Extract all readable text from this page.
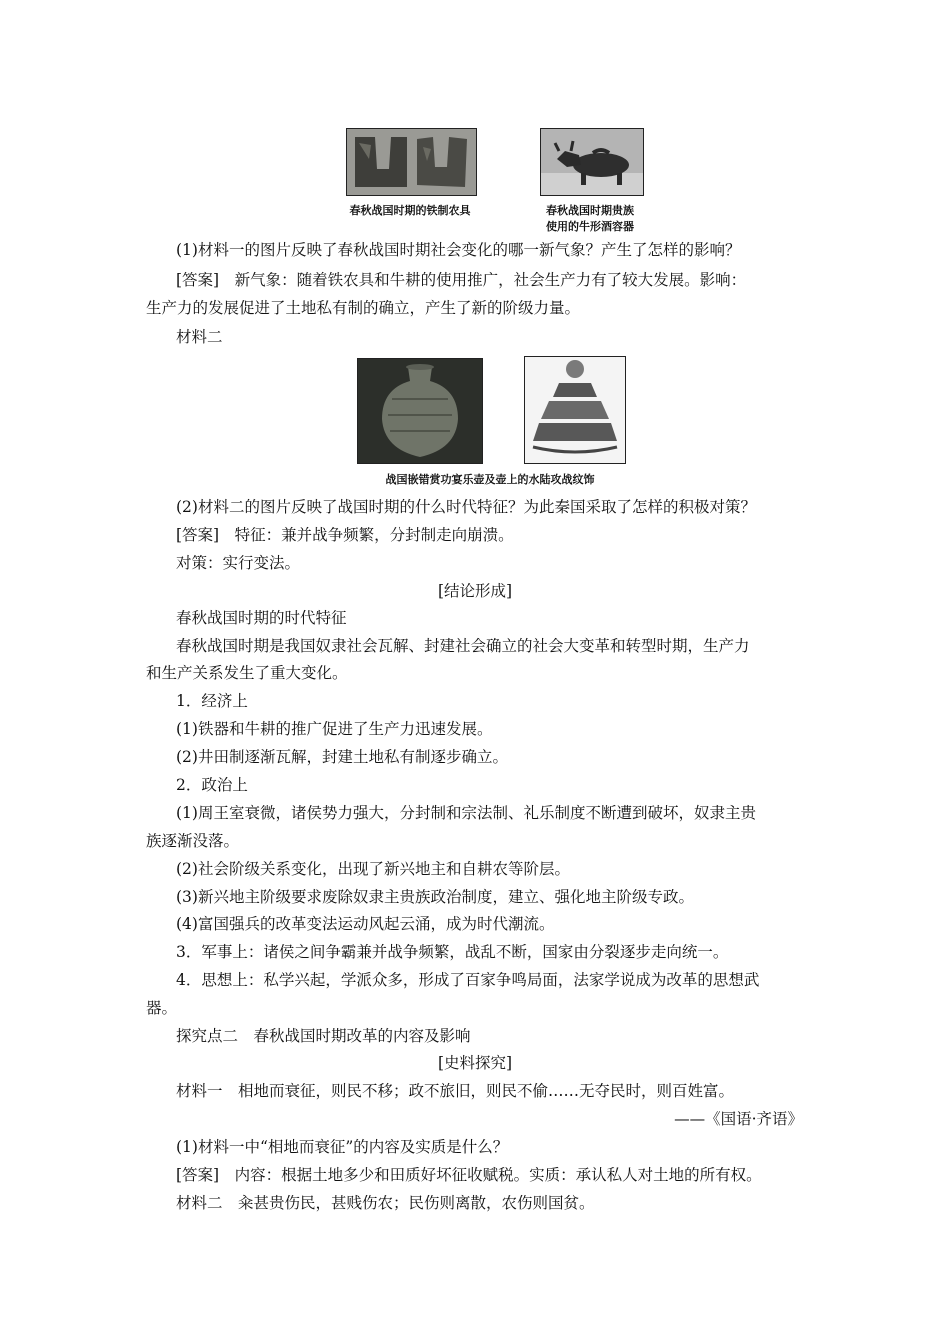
春秋战国时期的铁制农具	春秋战国时期贵族
使用的牛形酒容器
(1)材料一的图片反映了春秋战国时期社会变化的哪一新气象？产生了怎样的影响？
[答案]　新气象：随着铁农具和牛耕的使用推广，社会生产力有了较大发展。影响：
生产力的发展促进了土地私有制的确立，产生了新的阶级力量。
材料二
战国嵌错赏功宴乐壶及壶上的水陆攻战纹饰
(2)材料二的图片反映了战国时期的什么时代特征？为此秦国采取了怎样的积极对策？
[答案]　特征：兼并战争频繁，分封制走向崩溃。
对策：实行变法。
[结论形成]
春秋战国时期的时代特征
春秋战国时期是我国奴隶社会瓦解、封建社会确立的社会大变革和转型时期，生产力
和生产关系发生了重大变化。
1．经济上
(1)铁器和牛耕的推广促进了生产力迅速发展。
(2)井田制逐渐瓦解，封建土地私有制逐步确立。
2．政治上
(1)周王室衰微，诸侯势力强大，分封制和宗法制、礼乐制度不断遭到破坏，奴隶主贵
族逐渐没落。
(2)社会阶级关系变化，出现了新兴地主和自耕农等阶层。
(3)新兴地主阶级要求废除奴隶主贵族政治制度，建立、强化地主阶级专政。
(4)富国强兵的改革变法运动风起云涌，成为时代潮流。
3．军事上：诸侯之间争霸兼并战争频繁，战乱不断，国家由分裂逐步走向统一。
4．思想上：私学兴起，学派众多，形成了百家争鸣局面，法家学说成为改革的思想武
器。
探究点二　春秋战国时期改革的内容及影响
[史料探究]
材料一　相地而衰征，则民不移；政不旅旧，则民不偷……无夺民时，则百姓富。
——《国语·齐语》
(1)材料一中“相地而衰征”的内容及实质是什么？
[答案]　内容：根据土地多少和田质好坏征收赋税。实质：承认私人对土地的所有权。
材料二　籴甚贵伤民，甚贱伤农；民伤则离散，农伤则国贫。
